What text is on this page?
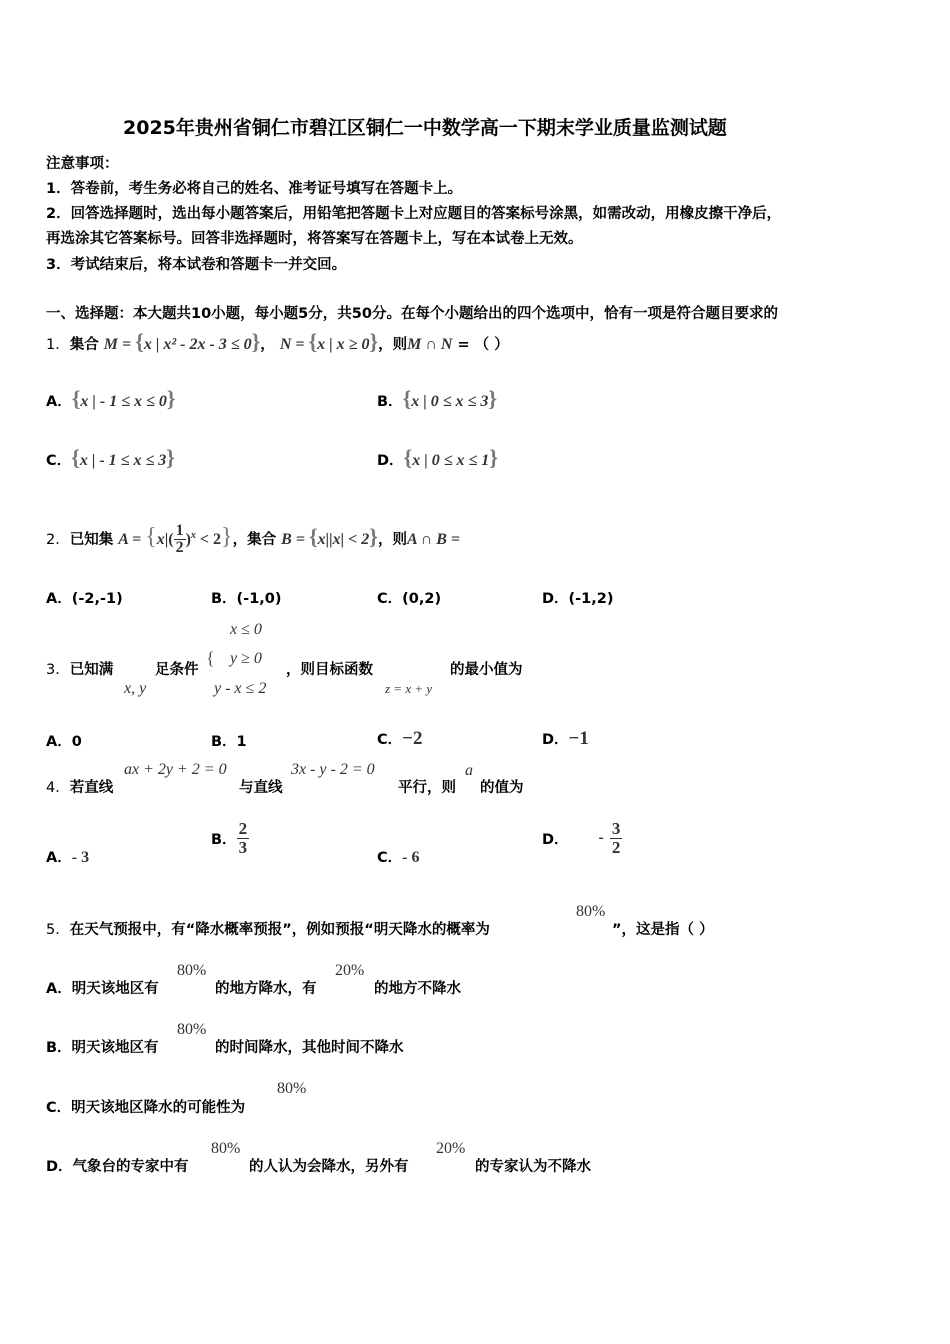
2025年贵州省铜仁市碧江区铜仁一中数学高一下期末学业质量监测试题
注意事项：
1．答卷前，考生务必将自己的姓名、准考证号填写在答题卡上。
2．回答选择题时，选出每小题答案后，用铅笔把答题卡上对应题目的答案标号涂黑，如需改动，用橡皮擦干净后，
再选涂其它答案标号。回答非选择题时，将答案写在答题卡上，写在本试卷上无效。
3．考试结束后，将本试卷和答题卡一并交回。
一、选择题：本大题共10小题，每小题5分，共50分。在每个小题给出的四个选项中，恰有一项是符合题目要求的
1．集合 M = {x | x² - 2x - 3 ≤ 0}， N = {x | x ≥ 0}，则M ∩ N = （ ）
A．{x | - 1 ≤ x ≤ 0}	B．{x | 0 ≤ x ≤ 3}
C．{x | - 1 ≤ x ≤ 3}	D．{x | 0 ≤ x ≤ 1}
2．已知集 $A = \{x|( \frac{1}{2} )^x < 2\}$，集合 B = {x||x| < 2}，则A ∩ B =
A．(-2,-1)	B．(-1,0)	C．(0,2)	D．(-1,2)
3．已知满	足条件
x, y
{
x ≤ 0
y ≥ 0
y - x ≤ 2
，则目标函数
z = x + y
的最小值为
A．0	B．1	C．−2	D．−1
4．若直线
ax + 2y + 2 = 0
与直线
3x - y - 2 = 0
平行，则
a
的值为
A．- 3
B． $\frac{2}{3}$
C．- 6
D． - $\frac{3}{2}$
5．在天气预报中，有“降水概率预报”，例如预报“明天降水的概率为
80%
”，这是指（ ）
A．明天该地区有
80%
的地方降水，有
20%
的地方不降水
B．明天该地区有
80%
的时间降水，其他时间不降水
C．明天该地区降水的可能性为
80%
D．气象台的专家中有
80%
的人认为会降水，另外有
20%
的专家认为不降水
